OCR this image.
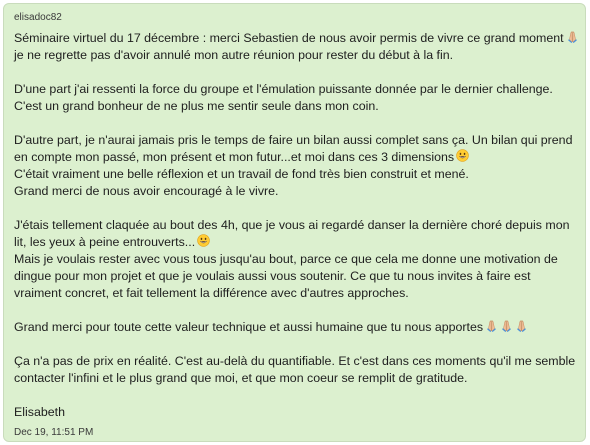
elisadoc82
Séminaire virtuel du 17 décembre : merci Sebastien de nous avoir permis de vivre ce grand moment
je ne regrette pas d'avoir annulé mon autre réunion pour rester du début à la fin.
D'une part j'ai ressenti la force du groupe et l'émulation puissante donnée par le dernier challenge.
C'est un grand bonheur de ne plus me sentir seule dans mon coin.
D'autre part, je n'aurai jamais pris le temps de faire un bilan aussi complet sans ça. Un bilan qui prend
en compte mon passé, mon présent et mon futur...et moi dans ces 3 dimensions
C'était vraiment une belle réflexion et un travail de fond très bien construit et mené.
Grand merci de nous avoir encouragé à le vivre.
J'étais tellement claquée au bout des 4h, que je vous ai regardé danser la dernière choré depuis mon
lit, les yeux à peine entrouverts...
Mais je voulais rester avec vous tous jusqu'au bout, parce ce que cela me donne une motivation de
dingue pour mon projet et que je voulais aussi vous soutenir. Ce que tu nous invites à faire est
vraiment concret, et fait tellement la différence avec d'autres approches.
Grand merci pour toute cette valeur technique et aussi humaine que tu nous apportes
Ça n'a pas de prix en réalité. C'est au-delà du quantifiable. Et c'est dans ces moments qu'il me semble
contacter l'infini et le plus grand que moi, et que mon coeur se remplit de gratitude.
Elisabeth
Dec 19, 11:51 PM
